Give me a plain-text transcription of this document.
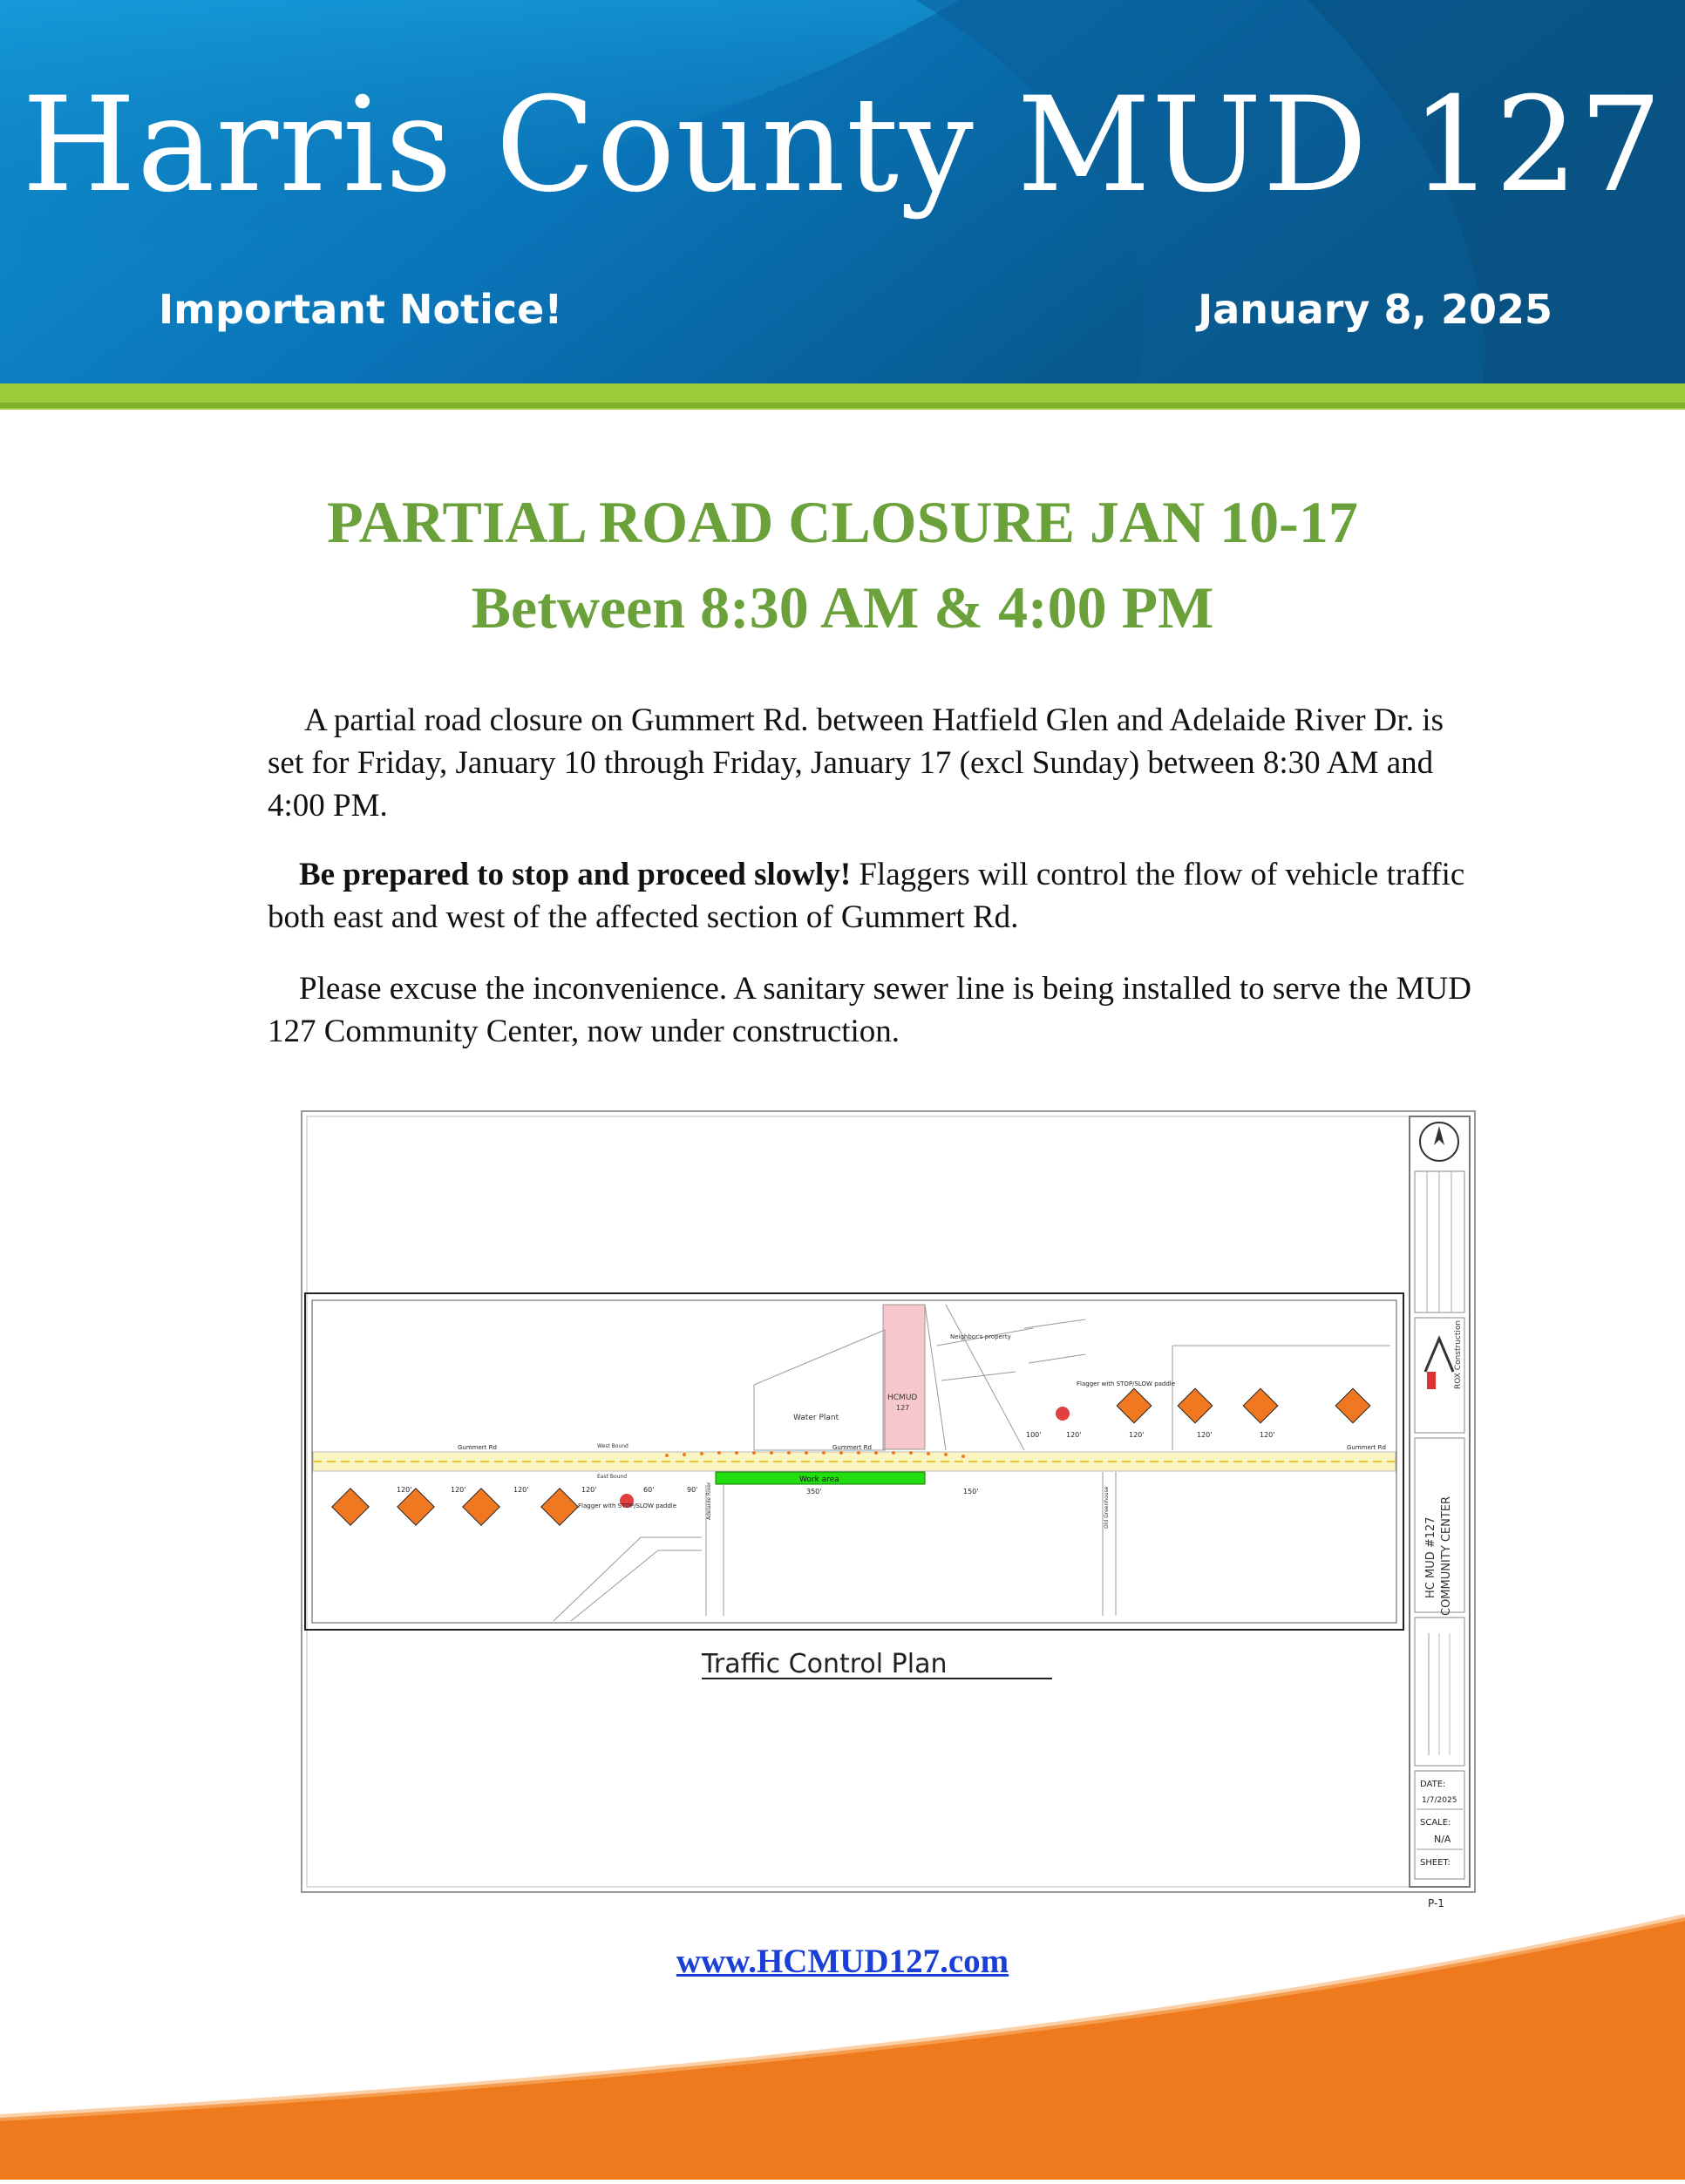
Harris County MUD 127
Important Notice!	January 8, 2025
PARTIAL ROAD CLOSURE JAN 10-17
Between 8:30 AM & 4:00 PM
A partial road closure on Gummert Rd. between Hatfield Glen and Adelaide River Dr. is set for Friday, January 10 through Friday, January 17 (excl Sunday) between 8:30 AM and 4:00 PM.
Be prepared to stop and proceed slowly! Flaggers will control the flow of vehicle traffic both east and west of the affected section of Gummert Rd.
Please excuse the inconvenience. A sanitary sewer line is being installed to serve the MUD 127 Community Center, now under construction.
ROX Construction
HC MUD #127 COMMUNITY CENTER
DATE:
1/7/2025
SCALE:
N/A
SHEET:
P-1
HCMUD
127
Water Plant
Neighbor's property
Gummert Rd	Gummert Rd	Gummert Rd
West Bound
East Bound	Work area
120'	120'	120'	120'	60'	90'	350'	150'
100'	120'	120'	120'	120'
Flagger with STOP/SLOW paddle
Flagger with STOP/SLOW paddle
Adelaide River	Old Greenhouse
Traffic Control Plan
www.HCMUD127.com
